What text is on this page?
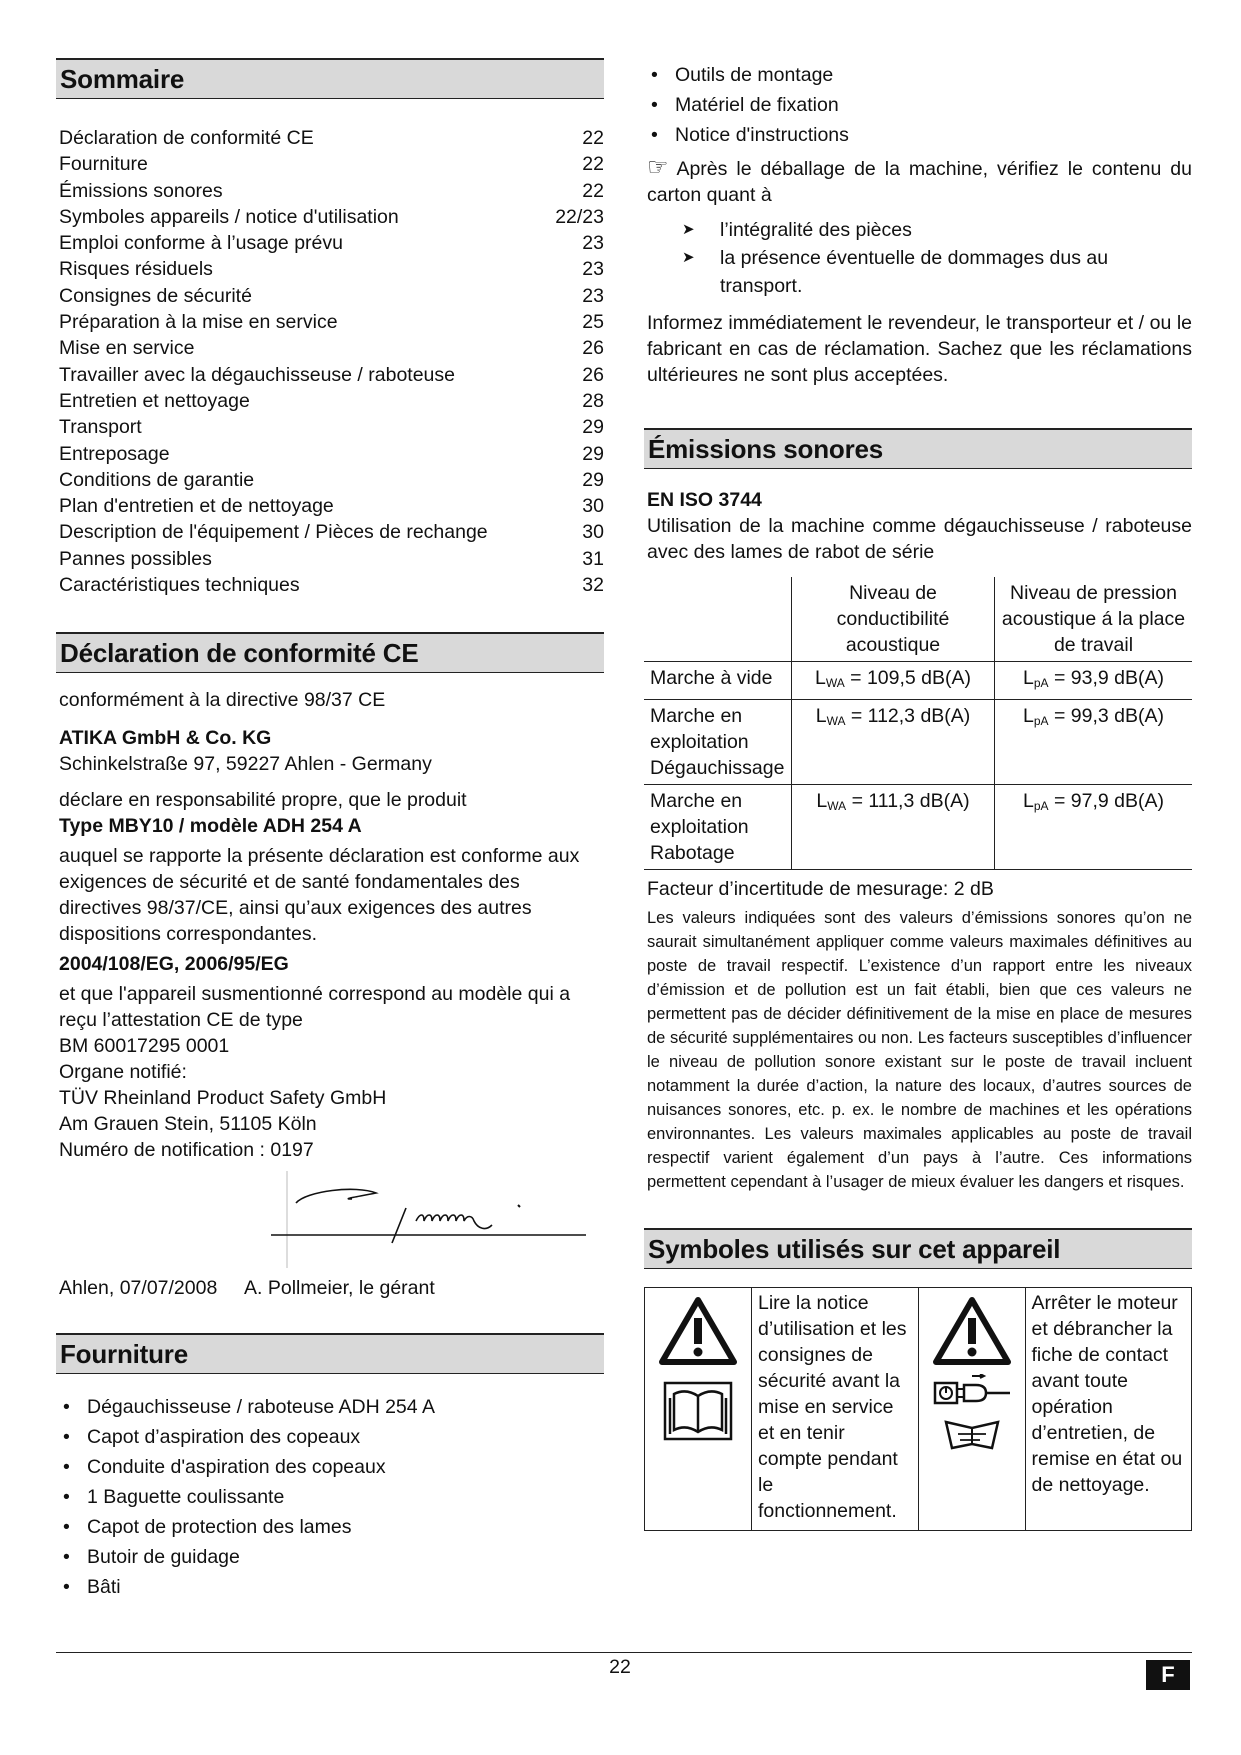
Sommaire
Déclaration de conformité CE	22
Fourniture	22
Émissions sonores	22
Symboles appareils / notice d'utilisation	22/23
Emploi conforme à l’usage prévu	23
Risques résiduels	23
Consignes de sécurité	23
Préparation à la mise en service	25
Mise en service	26
Travailler avec la dégauchisseuse / raboteuse	26
Entretien et nettoyage	28
Transport	29
Entreposage	29
Conditions de garantie	29
Plan d'entretien et de nettoyage	30
Description de l'équipement / Pièces de rechange	30
Pannes possibles	31
Caractéristiques techniques	32
Déclaration de conformité CE

conformément à la directive 98/37 CE

ATIKA GmbH & Co. KG

Schinkelstraße 97, 59227 Ahlen - Germany

déclare en responsabilité propre, que le produit

Type MBY10 / modèle ADH 254 A

auquel se rapporte la présente déclaration est conforme aux exigences de sécurité et de santé fondamentales des directives 98/37/CE, ainsi qu’aux exigences des autres dispositions correspondantes.

2004/108/EG, 2006/95/EG

et que l'appareil susmentionné correspond au modèle qui a reçu l’attestation CE de type

BM 60017295 0001

Organe notifié:

TÜV Rheinland Product Safety GmbH

Am Grauen Stein, 51105 Köln

Numéro de notification : 0197

Ahlen, 07/07/2008	A. Pollmeier, le gérant
Fourniture
• Dégauchisseuse / raboteuse ADH 254 A
• Capot d’aspiration des copeaux
• Conduite d'aspiration des copeaux
• 1 Baguette coulissante
• Capot de protection des lames
• Butoir de guidage
• Bâti
• Outils de montage
• Matériel de fixation
• Notice d'instructions

☞ Après le déballage de la machine, vérifiez le contenu du carton quant à

➤ l’intégralité des pièces
➤ la présence éventuelle de dommages dus au transport.

Informez immédiatement le revendeur, le transporteur et / ou le fabricant en cas de réclamation. Sachez que les réclamations ultérieures ne sont plus acceptées.

Émissions sonores

EN ISO 3744

Utilisation de la machine comme dégauchisseuse / raboteuse avec des lames de rabot de série

	Niveau de conductibilité acoustique	Niveau de pression acoustique á la place de travail
Marche à vide	$L_{WA} = 109,5$ dB(A)	$L_{pA} = 93,9$ dB(A)
Marche en exploitation Dégauchissage	$L_{WA} = 112,3$ dB(A)	$L_{pA} = 99,3$ dB(A)
Marche en exploitation Rabotage	$L_{WA} = 111,3$ dB(A)	$L_{pA} = 97,9$ dB(A)

Facteur d’incertitude de mesurage: 2 dB

Les valeurs indiquées sont des valeurs d’émissions sonores qu’on ne saurait simultanément appliquer comme valeurs maximales définitives au poste de travail respectif. L’existence d’un rapport entre les niveaux d’émission et de pollution est un fait établi, bien que ces valeurs ne permettent pas de décider définitivement de la mise en place de mesures de sécurité supplémentaires ou non. Les facteurs susceptibles d’influencer le niveau de pollution sonore existant sur le poste de travail incluent notamment la durée d’action, la nature des locaux, d’autres sources de nuisances sonores, etc. p. ex. le nombre de machines et les opérations environnantes. Les valeurs maximales applicables au poste de travail respectif varient également d’un pays à l’autre. Ces informations permettent cependant à l’usager de mieux évaluer les dangers et risques.

Symboles utilisés sur cet appareil
Lire la notice d’utilisation et les consignes de sécurité avant la mise en service et en tenir compte pendant le fonctionnement.
Arrêter le moteur et débrancher la fiche de contact avant toute opération d’entretien, de remise en état ou de nettoyage.
22	F
